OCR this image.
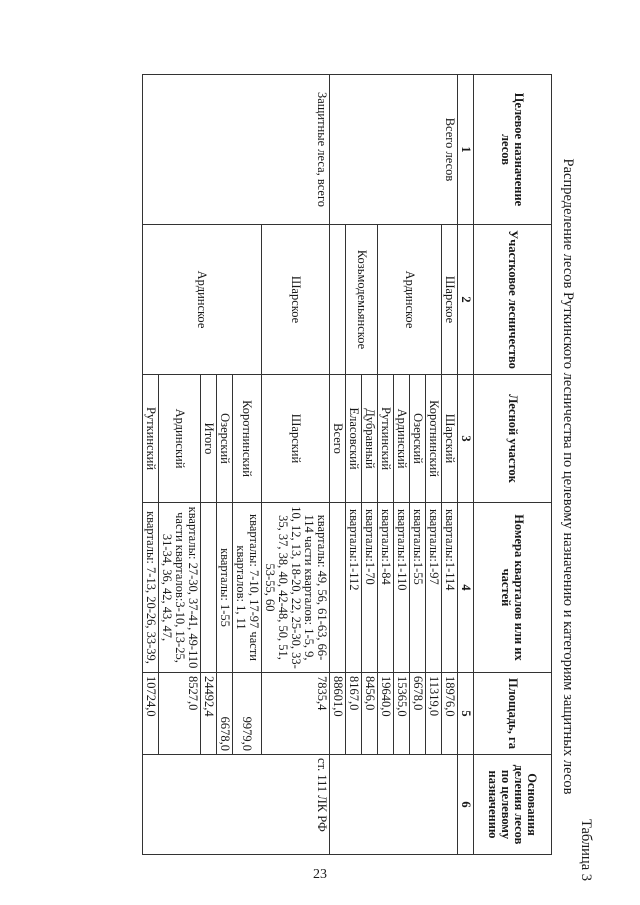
Таблица 3
Распределение лесов Руткинского лесничества по целевому назначению и категориям защитных лесов
Целевое назначение лесов	Участковое лесничество	Лесной участок	Номера кварталов или их частей	Площадь, га	Основания деления лесов по целевому назначению
1	2	3	4	5	6
Всего лесов	Шарское	Шарский	кварталы:1-114	18976,0	
	Ардинское	Коротнинский	кварталы:1-97	11319,0	
		Озерский	кварталы:1-55	6678,0	
		Ардинский	кварталы:1-110	15365,0	
		Руткинский	кварталы:1-84	19640,0	
	Козьмодемьянское	Дубравный	кварталы:1-70	8456,0	
		Еласовский	кварталы:1-112	8167,0	
		Всего		88601,0	
Защитные леса, всего	Шарское	Шарский	кварталы: 49, 56, 61-63, 66-114 части кварталов: 1-5, 9, 10, 12, 13, 18-20, 22, 25-30, 33-35, 37, 38, 40, 42-48, 50, 51, 53-55, 60	7835,4	ст. 111 ЛК РФ
	Ардинское	Коротнинский	кварталы: 7-10, 17-97 части кварталов: 1, 11	9979,0	
		Озерский	кварталы: 1-55	6678,0	
		Итого		24492,4	
		Ардинский	кварталы: 27-30, 37-41, 49-110 части кварталов:3-10, 13-25, 31-34, 36, 42, 43, 47,	8527,0	
		Руткинский	кварталы: 7-13, 20-26, 33-39,	10724,0	
23
